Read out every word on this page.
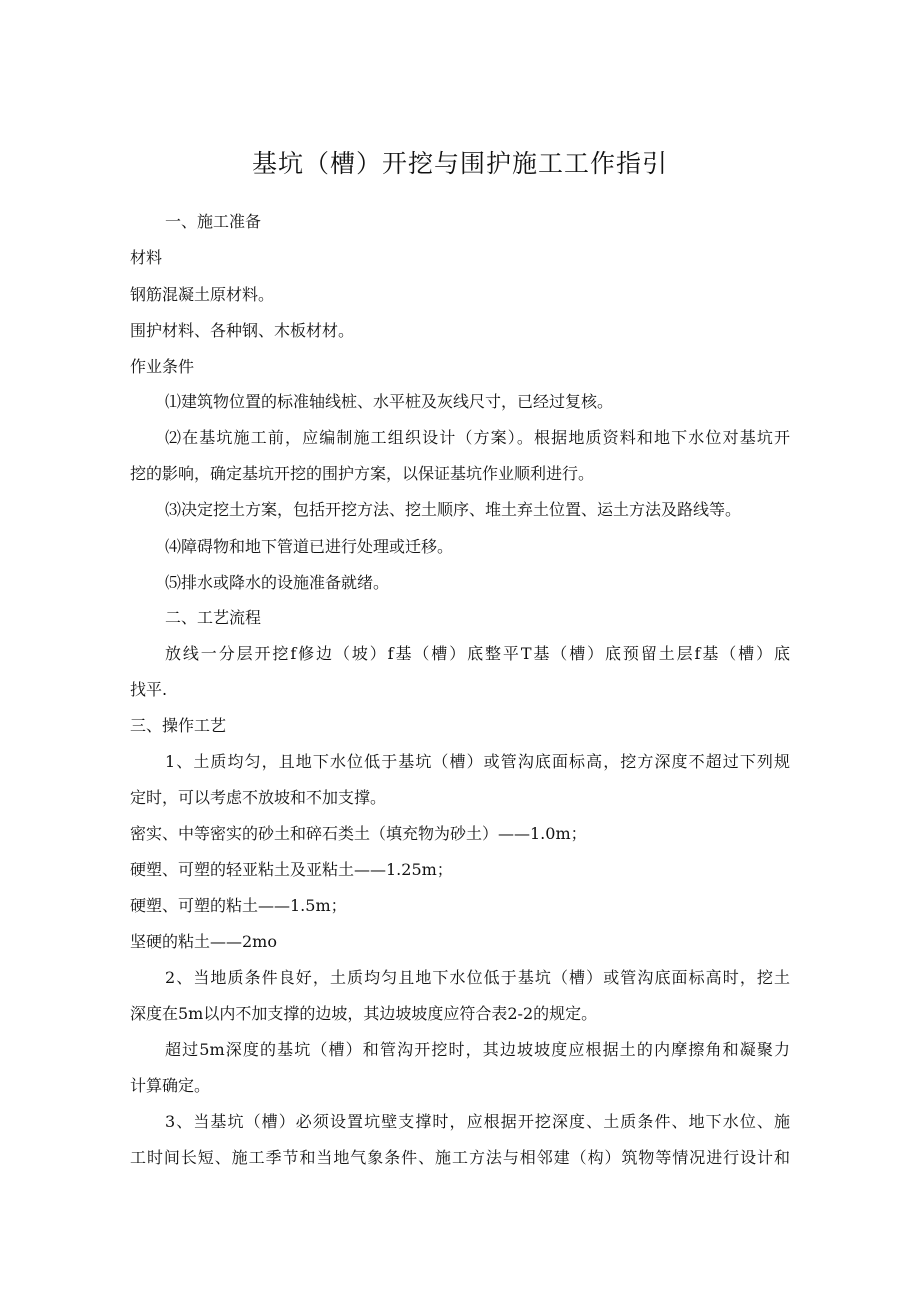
基坑（槽）开挖与围护施工工作指引

一、施工准备

材料

钢筋混凝土原材料。

围护材料、各种钢、木板材材。

作业条件

⑴建筑物位置的标准轴线桩、水平桩及灰线尺寸，已经过复核。

⑵在基坑施工前，应编制施工组织设计（方案）。根据地质资料和地下水位对基坑开

挖的影响，确定基坑开挖的围护方案，以保证基坑作业顺利进行。

⑶决定挖土方案，包括开挖方法、挖土顺序、堆土弃土位置、运土方法及路线等。

⑷障碍物和地下管道已进行处理或迁移。

⑸排水或降水的设施准备就绪。

二、工艺流程

放线一分层开挖f修边（坡）f基（槽）底整平T基（槽）底预留土层f基（槽）底

找平.

三、操作工艺

1、土质均匀，且地下水位低于基坑（槽）或管沟底面标高，挖方深度不超过下列规

定时，可以考虑不放坡和不加支撑。

密实、中等密实的砂土和碎石类土（填充物为砂土）——1.0m；

硬塑、可塑的轻亚粘土及亚粘土——1.25m；

硬塑、可塑的粘土——1.5m；

坚硬的粘土——2mo

2、当地质条件良好，土质均匀且地下水位低于基坑（槽）或管沟底面标高时，挖土

深度在5m以内不加支撑的边坡，其边坡坡度应符合表2-2的规定。

超过5m深度的基坑（槽）和管沟开挖时，其边坡坡度应根据土的内摩擦角和凝聚力

计算确定。

3、当基坑（槽）必须设置坑壁支撑时，应根据开挖深度、土质条件、地下水位、施

工时间长短、施工季节和当地气象条件、施工方法与相邻建（构）筑物等情况进行设计和
